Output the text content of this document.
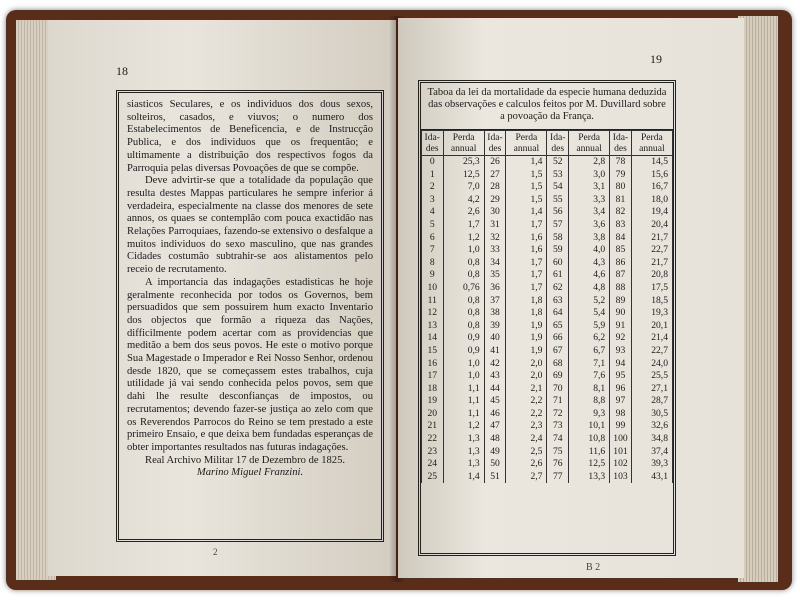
18

siasticos Seculares, e os individuos dos dous sexos, solteiros, casados, e viuvos; o numero dos Estabelecimentos de Beneficencia, e de Instrucção Publica, e dos individuos que os frequentão; e ultimamente a distribuição dos respectivos fogos da Parroquia pelas diversas Povoações de que se compõe.

Deve advirtir-se que a totalidade da população que resulta destes Mappas particulares he sempre inferior á verdadeira, especialmente na classe dos menores de sete annos, os quaes se contemplão com pouca exactidão nas Relações Parroquiaes, fazendo-se extensivo o desfalque a muitos individuos do sexo masculino, que nas grandes Cidades costumão subtrahir-se aos alistamentos pelo receio de recrutamento.

A importancia das indagações estadisticas he hoje geralmente reconhecida por todos os Governos, bem persuadidos que sem possuirem hum exacto Inventario dos objectos que formão a riqueza das Nações, difficilmente podem acertar com as providencias que meditão a bem dos seus povos. He este o motivo porque Sua Magestade o Imperador e Rei Nosso Senhor, ordenou desde 1820, que se começassem estes trabalhos, cuja utilidade já vai sendo conhecida pelos povos, sem que dahi lhe resulte desconfianças de impostos, ou recrutamentos; devendo fazer-se justiça ao zelo com que os Reverendos Parrocos do Reino se tem prestado a este primeiro Ensaio, e que deixa bem fundadas esperanças de obter importantes resultados nas futuras indagações.

Real Archivo Militar 17 de Dezembro de 1825.

Marino Miguel Franzini.
2
19
Taboa da lei da mortalidade da especie humana deduzida das observações e calculos feitos por M. Duvillard sobre a povoação da França.
Ida-des	Perda annual	Ida-des	Perda annual	Ida-des	Perda annual	Ida-des	Perda annual
0	25,3	26	1,4	52	2,8	78	14,5
1	12,5	27	1,5	53	3,0	79	15,6
2	7,0	28	1,5	54	3,1	80	16,7
3	4,2	29	1,5	55	3,3	81	18,0
4	2,6	30	1,4	56	3,4	82	19,4
5	1,7	31	1,7	57	3,6	83	20,4
6	1,2	32	1,6	58	3,8	84	21,7
7	1,0	33	1,6	59	4,0	85	22,7
8	0,8	34	1,7	60	4,3	86	21,7
9	0,8	35	1,7	61	4,6	87	20,8
10	0,76	36	1,7	62	4,8	88	17,5
11	0,8	37	1,8	63	5,2	89	18,5
12	0,8	38	1,8	64	5,4	90	19,3
13	0,8	39	1,9	65	5,9	91	20,1
14	0,9	40	1,9	66	6,2	92	21,4
15	0,9	41	1,9	67	6,7	93	22,7
16	1,0	42	2,0	68	7,1	94	24,0
17	1,0	43	2,0	69	7,6	95	25,5
18	1,1	44	2,1	70	8,1	96	27,1
19	1,1	45	2,2	71	8,8	97	28,7
20	1,1	46	2,2	72	9,3	98	30,5
21	1,2	47	2,3	73	10,1	99	32,6
22	1,3	48	2,4	74	10,8	100	34,8
23	1,3	49	2,5	75	11,6	101	37,4
24	1,3	50	2,6	76	12,5	102	39,3
25	1,4	51	2,7	77	13,3	103	43,1
B 2
